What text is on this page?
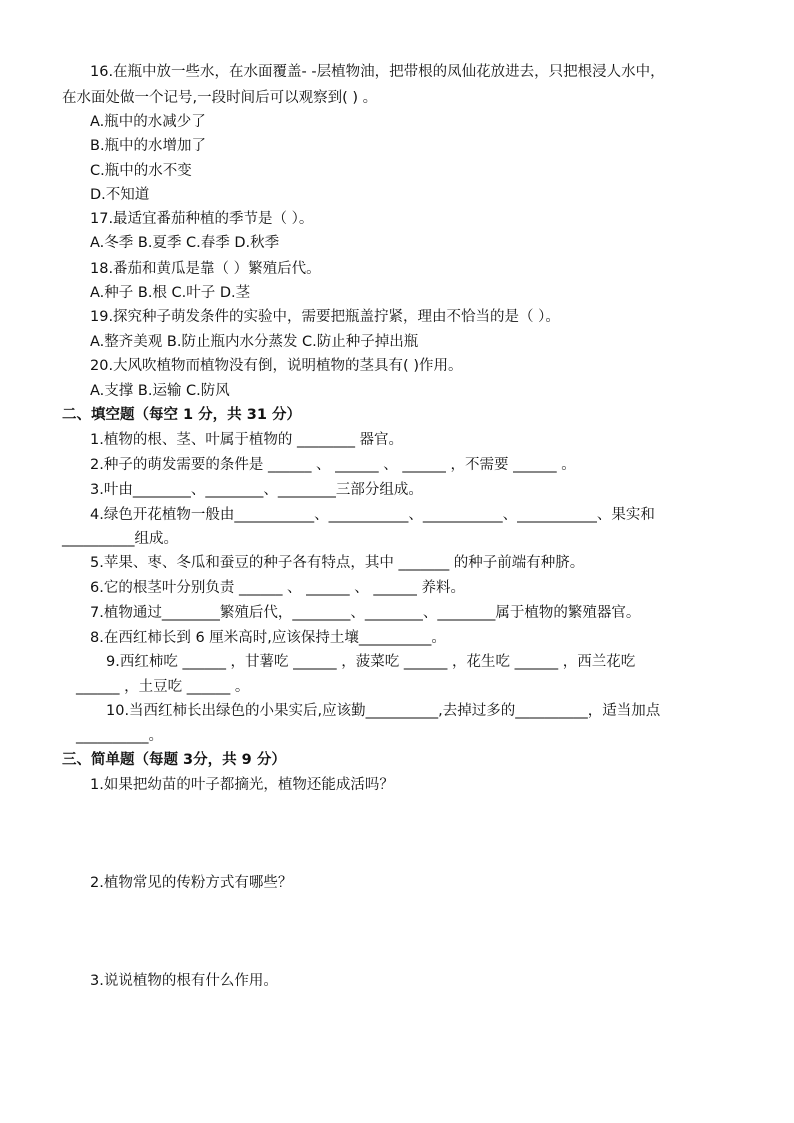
16.在瓶中放一些水，在水面覆盖- -层植物油，把带根的凤仙花放进去，只把根浸人水中，
在水面处做一个记号,一段时间后可以观察到( ) 。
A.瓶中的水减少了
B.瓶中的水增加了
C.瓶中的水不变
D.不知道
17.最适宜番茄种植的季节是（ ）。
A.冬季 B.夏季 C.春季 D.秋季
18.番茄和黄瓜是靠（ ）繁殖后代。
A.种子 B.根 C.叶子 D.茎
19.探究种子萌发条件的实验中，需要把瓶盖拧紧，理由不恰当的是（ ）。
A.整齐美观 B.防止瓶内水分蒸发 C.防止种子掉出瓶
20.大风吹植物而植物没有倒，说明植物的茎具有( )作用。
A.支撑 B.运输 C.防风
二、填空题（每空 1 分，共 31 分）
1.植物的根、茎、叶属于植物的 ________ 器官。
2.种子的萌发需要的条件是 ______ 、 ______ 、 ______ ，不需要 ______ 。
3.叶由________、________、________三部分组成。
4.绿色开花植物一般由___________、___________、___________、___________、果实和
__________组成。
5.苹果、枣、冬瓜和蚕豆的种子各有特点，其中 _______ 的种子前端有种脐。
6.它的根茎叶分别负责 ______ 、 ______ 、 ______ 养料。
7.植物通过________繁殖后代，________、________、________属于植物的繁殖器官。
8.在西红柿长到 6 厘米高时,应该保持土壤__________。
9.西红柿吃 ______ ，甘薯吃 ______ ，菠菜吃 ______ ，花生吃 ______ ，西兰花吃
______ ，土豆吃 ______ 。
10.当西红柿长出绿色的小果实后,应该勤__________,去掉过多的__________，适当加点
__________。
三、简单题（每题 3分，共 9 分）
1.如果把幼苗的叶子都摘光，植物还能成活吗？
2.植物常见的传粉方式有哪些？
3.说说植物的根有什么作用。
